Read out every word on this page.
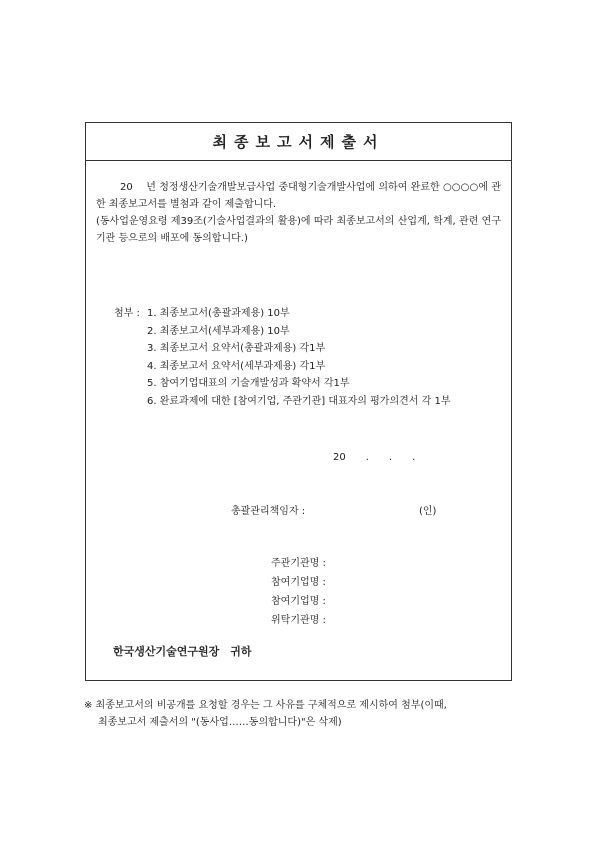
최종보고서제출서

20　 년 청정생산기술개발보급사업 중대형기술개발사업에 의하여 완료한 ○○○○에 관한 최종보고서를 별첨과 같이 제출합니다.

(동사업운영요령 제39조(기술사업결과의 활용)에 따라 최종보고서의 산업계, 학계, 관련 연구기관 등으로의 배포에 동의합니다.)

첨부 : 1. 최종보고서(총괄과제용) 10부
2. 최종보고서(세부과제용) 10부
3. 최종보고서 요약서(총괄과제용) 각1부
4. 최종보고서 요약서(세부과제용) 각1부
5. 참여기업대표의 기술개발성과 확약서 각1부
6. 완료과제에 대한 [참여기업, 주관기관] 대표자의 평가의견서 각 1부
20　　.　　.　　.
총괄관리책임자 :	(인)
주관기관명 :
참여기업명 :
참여기업명 :
위탁기관명 :
한국생산기술연구원장　귀하
※ 최종보고서의 비공개를 요청할 경우는 그 사유를 구체적으로 제시하여 첨부(이때,
최종보고서 제출서의 "(동사업……동의합니다)"은 삭제)
